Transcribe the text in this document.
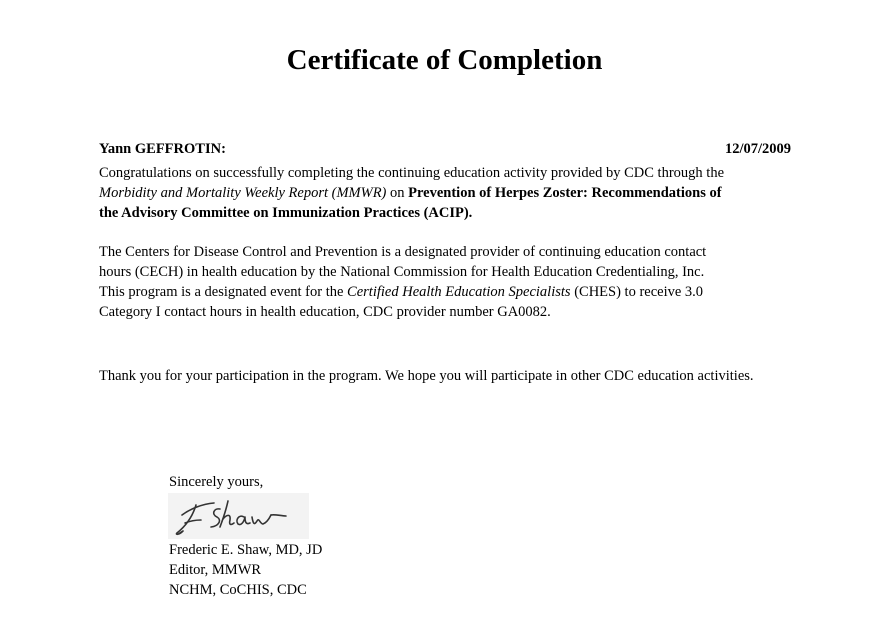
Certificate of Completion
Yann GEFFROTIN:	12/07/2009

Congratulations on successfully completing the continuing education activity provided by CDC through the Morbidity and Mortality Weekly Report (MMWR) on Prevention of Herpes Zoster: Recommendations of the Advisory Committee on Immunization Practices (ACIP).

The Centers for Disease Control and Prevention is a designated provider of continuing education contact hours (CECH) in health education by the National Commission for Health Education Credentialing, Inc. This program is a designated event for the Certified Health Education Specialists (CHES) to receive 3.0 Category I contact hours in health education, CDC provider number GA0082.

Thank you for your participation in the program. We hope you will participate in other CDC education activities.

Sincerely yours,
Frederic E. Shaw, MD, JD
Editor, MMWR
NCHM, CoCHIS, CDC
